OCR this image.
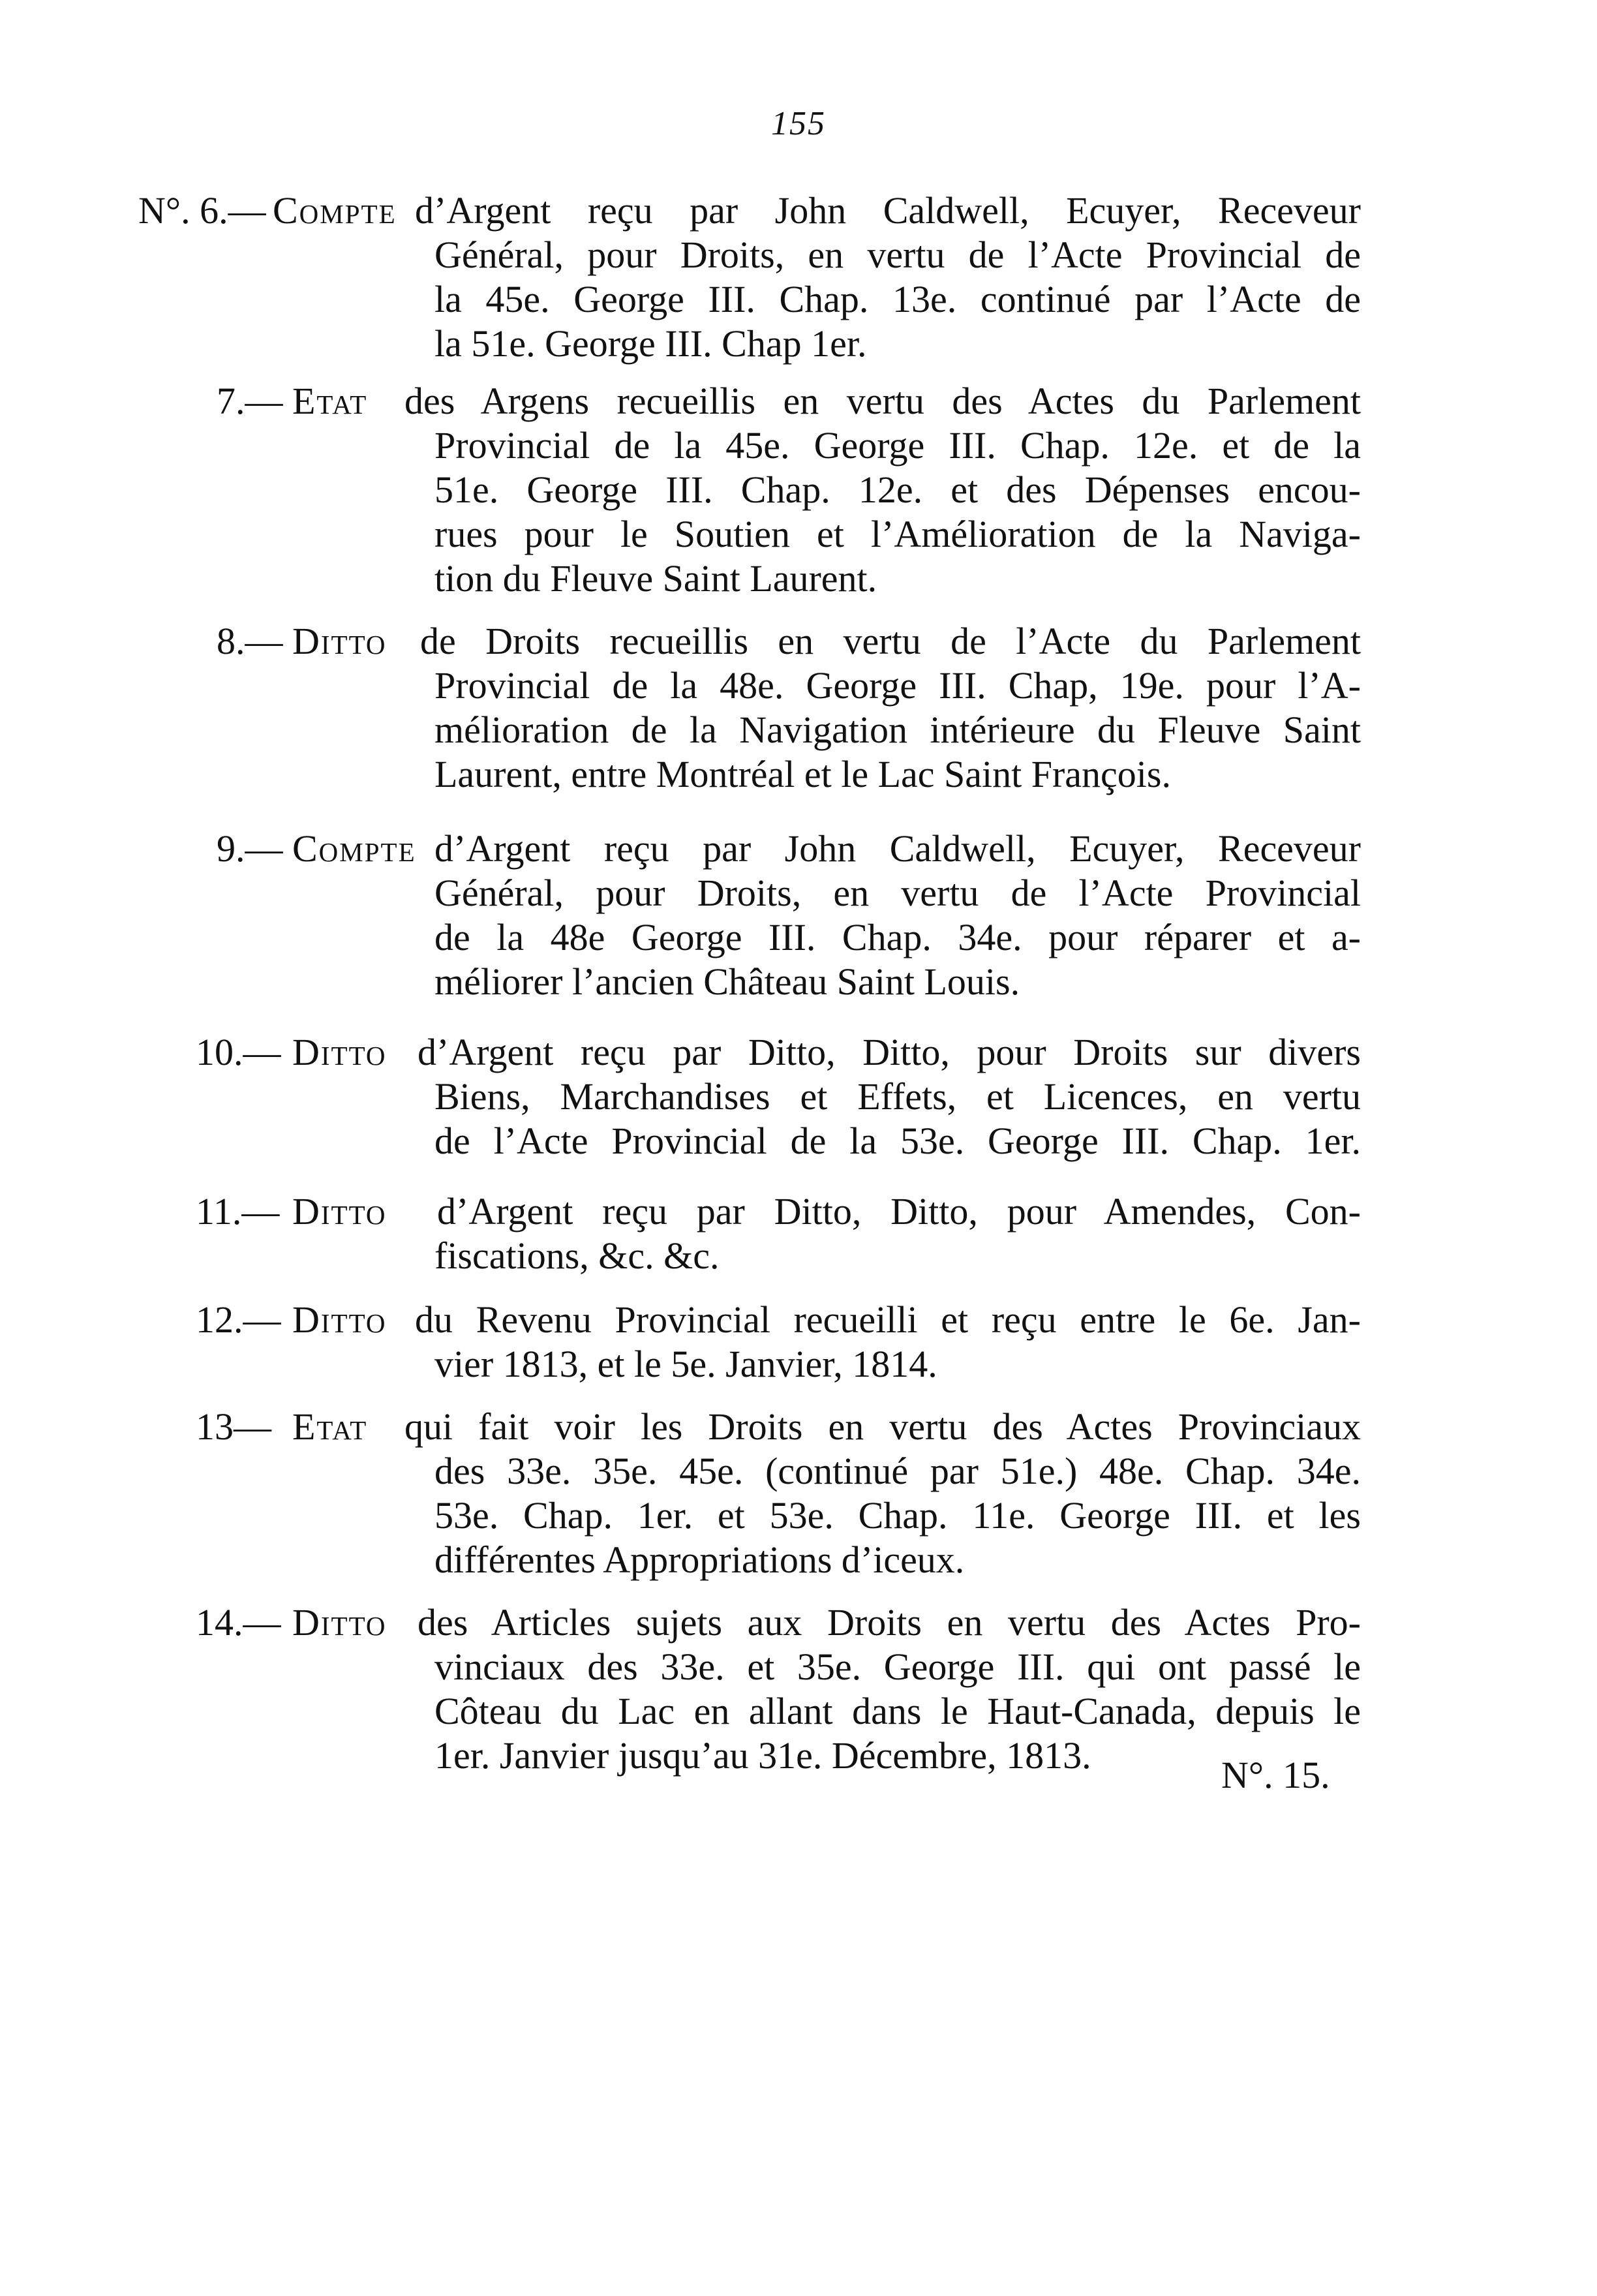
155
N°. 6.— Compte d’Argent reçu par John Caldwell, Ecuyer, Receveur
Général, pour Droits, en vertu de l’Acte Provincial de
la 45e. George III. Chap. 13e. continué par l’Acte de
la 51e. George III. Chap 1er.
7.— Etat des Argens recueillis en vertu des Actes du Parlement
Provincial de la 45e. George III. Chap. 12e. et de la
51e. George III. Chap. 12e. et des Dépenses encou-
rues pour le Soutien et l’Amélioration de la Naviga-
tion du Fleuve Saint Laurent.
8.— Ditto de Droits recueillis en vertu de l’Acte du Parlement
Provincial de la 48e. George III. Chap, 19e. pour l’A-
mélioration de la Navigation intérieure du Fleuve Saint
Laurent, entre Montréal et le Lac Saint François.
9.— Compte d’Argent reçu par John Caldwell, Ecuyer, Receveur
Général, pour Droits, en vertu de l’Acte Provincial
de la 48e George III. Chap. 34e. pour réparer et a-
méliorer l’ancien Château Saint Louis.
10.— Ditto d’Argent reçu par Ditto, Ditto, pour Droits sur divers
Biens, Marchandises et Effets, et Licences, en vertu
de l’Acte Provincial de la 53e. George III. Chap. 1er.
11.— Ditto d’Argent reçu par Ditto, Ditto, pour Amendes, Con-
fiscations, &c. &c.
12.— Ditto du Revenu Provincial recueilli et reçu entre le 6e. Jan-
vier 1813, et le 5e. Janvier, 1814.
13— Etat qui fait voir les Droits en vertu des Actes Provinciaux
des 33e. 35e. 45e. (continué par 51e.) 48e. Chap. 34e.
53e. Chap. 1er. et 53e. Chap. 11e. George III. et les
différentes Appropriations d’iceux.
14.— Ditto des Articles sujets aux Droits en vertu des Actes Pro-
vinciaux des 33e. et 35e. George III. qui ont passé le
Côteau du Lac en allant dans le Haut-Canada, depuis le
1er. Janvier jusqu’au 31e. Décembre, 1813.	N°. 15.
